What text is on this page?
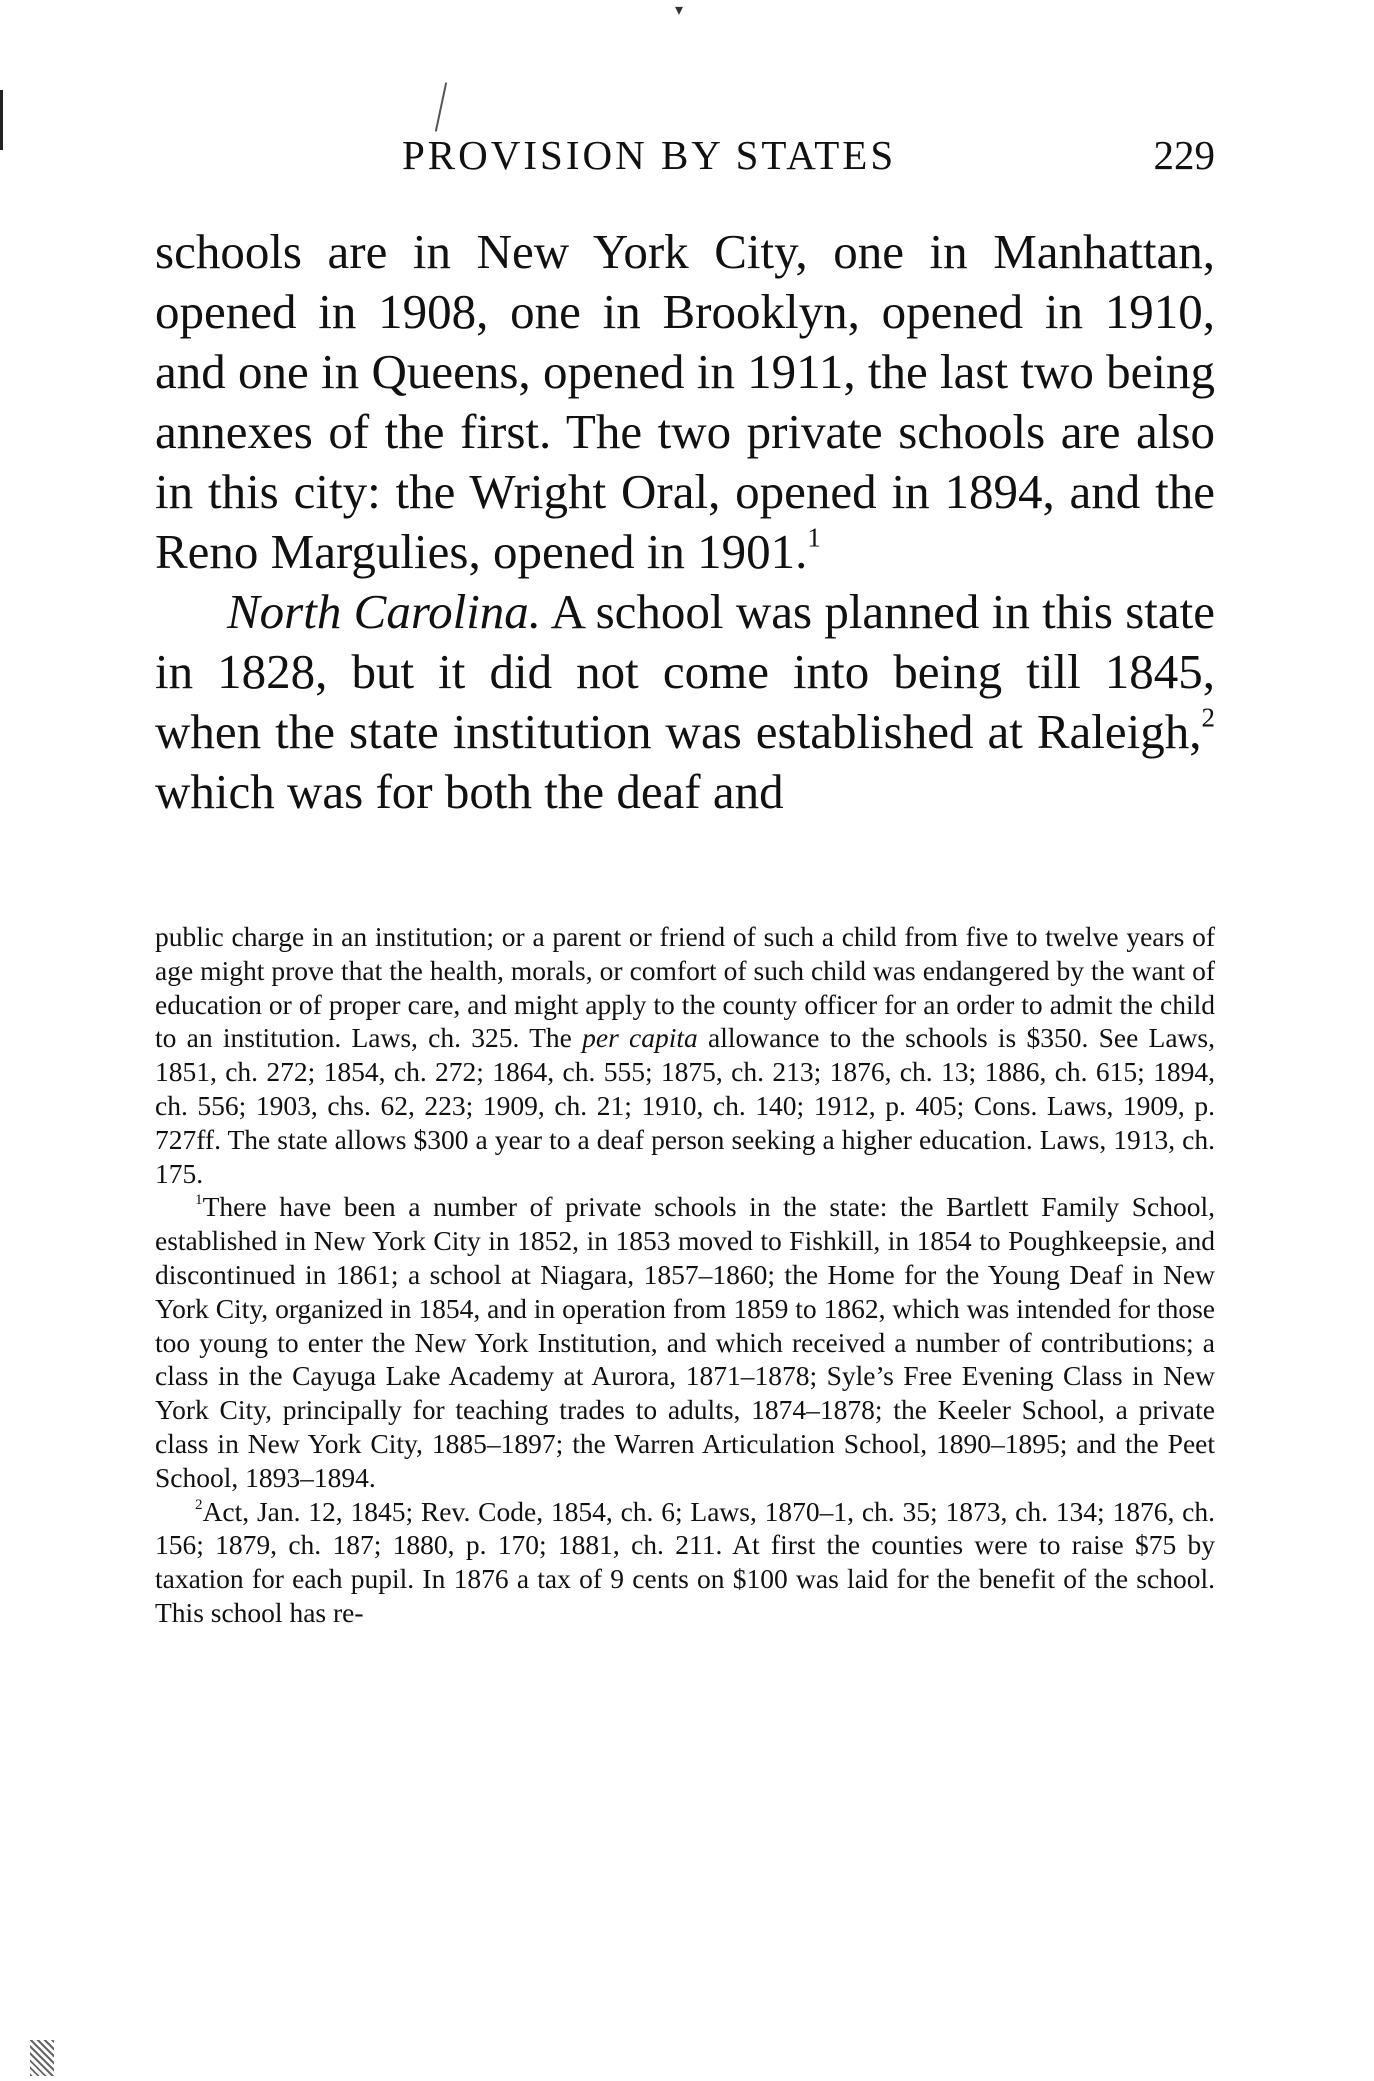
▾
PROVISION BY STATES	229

schools are in New York City, one in Manhattan, opened in 1908, one in Brooklyn, opened in 1910, and one in Queens, opened in 1911, the last two being annexes of the first. The two private schools are also in this city: the Wright Oral, opened in 1894, and the Reno Margulies, opened in 1901.$^1$

North Carolina. A school was planned in this state in 1828, but it did not come into being till 1845, when the state institution was established at Raleigh,$^2$ which was for both the deaf and

public charge in an institution; or a parent or friend of such a child from five to twelve years of age might prove that the health, morals, or comfort of such child was endangered by the want of education or of proper care, and might apply to the county officer for an order to admit the child to an institution. Laws, ch. 325. The per capita allowance to the schools is $350. See Laws, 1851, ch. 272; 1854, ch. 272; 1864, ch. 555; 1875, ch. 213; 1876, ch. 13; 1886, ch. 615; 1894, ch. 556; 1903, chs. 62, 223; 1909, ch. 21; 1910, ch. 140; 1912, p. 405; Cons. Laws, 1909, p. 727ff. The state allows $300 a year to a deaf person seeking a higher education. Laws, 1913, ch. 175.

$^1$There have been a number of private schools in the state: the Bartlett Family School, established in New York City in 1852, in 1853 moved to Fishkill, in 1854 to Poughkeepsie, and discontinued in 1861; a school at Niagara, 1857–1860; the Home for the Young Deaf in New York City, organized in 1854, and in operation from 1859 to 1862, which was intended for those too young to enter the New York Institution, and which received a number of contributions; a class in the Cayuga Lake Academy at Aurora, 1871–1878; Syle’s Free Evening Class in New York City, principally for teaching trades to adults, 1874–1878; the Keeler School, a private class in New York City, 1885–1897; the Warren Articulation School, 1890–1895; and the Peet School, 1893–1894.

$^2$Act, Jan. 12, 1845; Rev. Code, 1854, ch. 6; Laws, 1870–1, ch. 35; 1873, ch. 134; 1876, ch. 156; 1879, ch. 187; 1880, p. 170; 1881, ch. 211. At first the counties were to raise $75 by taxation for each pupil. In 1876 a tax of 9 cents on $100 was laid for the benefit of the school. This school has re-
